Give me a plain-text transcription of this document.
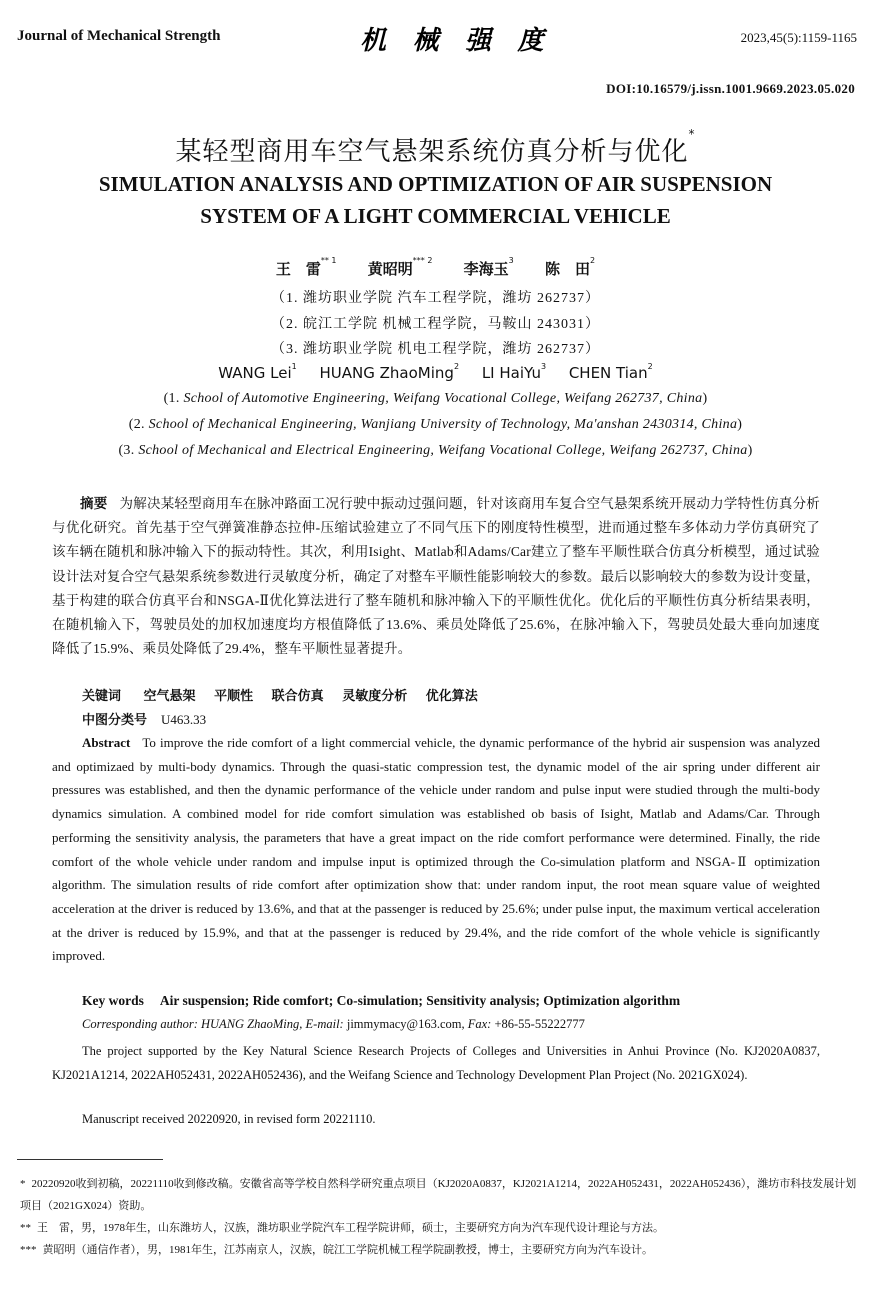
Journal of Mechanical Strength	机 械 强 度	2023,45(5):1159-1165
DOI:10.16579/j.issn.1001.9669.2023.05.020
某轻型商用车空气悬架系统仿真分析与优化*
SIMULATION ANALYSIS AND OPTIMIZATION OF AIR SUSPENSION
SYSTEM OF A LIGHT COMMERCIAL VEHICLE
王　雷$^{** 1}$ 黄昭明$^{*** 2}$ 李海玉$^3$ 陈　田$^2$
（1. 潍坊职业学院 汽车工程学院，潍坊 262737）
（2. 皖江工学院 机械工程学院，马鞍山 243031）
（3. 潍坊职业学院 机电工程学院，潍坊 262737）
WANG Lei$^1$ HUANG ZhaoMing$^2$ LI HaiYu$^3$ CHEN Tian$^2$
(1. School of Automotive Engineering, Weifang Vocational College, Weifang 262737, China)
(2. School of Mechanical Engineering, Wanjiang University of Technology, Ma'anshan 2430314, China)
(3. School of Mechanical and Electrical Engineering, Weifang Vocational College, Weifang 262737, China)
摘要 为解决某轻型商用车在脉冲路面工况行驶中振动过强问题，针对该商用车复合空气悬架系统开展动力学特性仿真分析与优化研究。首先基于空气弹簧准静态拉伸-压缩试验建立了不同气压下的刚度特性模型，进而通过整车多体动力学仿真研究了该车辆在随机和脉冲输入下的振动特性。其次，利用Isight、Matlab和Adams/Car建立了整车平顺性联合仿真分析模型，通过试验设计法对复合空气悬架系统参数进行灵敏度分析，确定了对整车平顺性能影响较大的参数。最后以影响较大的参数为设计变量，基于构建的联合仿真平台和NSGA-Ⅱ优化算法进行了整车随机和脉冲输入下的平顺性优化。优化后的平顺性仿真分析结果表明，在随机输入下，驾驶员处的加权加速度均方根值降低了13.6%、乘员处降低了25.6%，在脉冲输入下，驾驶员处最大垂向加速度降低了15.9%、乘员处降低了29.4%，整车平顺性显著提升。
关键词 空气悬架 平顺性 联合仿真 灵敏度分析 优化算法
中图分类号 U463.33
Abstract To improve the ride comfort of a light commercial vehicle, the dynamic performance of the hybrid air suspension was analyzed and optimizaed by multi-body dynamics. Through the quasi-static compression test, the dynamic model of the air spring under different air pressures was established, and then the dynamic performance of the vehicle under random and pulse input were studied through the multi-body dynamics simulation. A combined model for ride comfort simulation was established ob basis of Isight, Matlab and Adams/Car. Through performing the sensitivity analysis, the parameters that have a great impact on the ride comfort performance were determined. Finally, the ride comfort of the whole vehicle under random and impulse input is optimized through the Co-simulation platform and NSGA-Ⅱ optimization algorithm. The simulation results of ride comfort after optimization show that: under random input, the root mean square value of weighted acceleration at the driver is reduced by 13.6%, and that at the passenger is reduced by 25.6%; under pulse input, the maximum vertical acceleration at the driver is reduced by 15.9%, and that at the passenger is reduced by 29.4%, and the ride comfort of the whole vehicle is significantly improved.
Key words Air suspension; Ride comfort; Co-simulation; Sensitivity analysis; Optimization algorithm
Corresponding author: HUANG ZhaoMing, E-mail: jimmymacy@163.com, Fax: +86-55-55222777
The project supported by the Key Natural Science Research Projects of Colleges and Universities in Anhui Province (No. KJ2020A0837, KJ2021A1214, 2022AH052431, 2022AH052436), and the Weifang Science and Technology Development Plan Project (No. 2021GX024).
Manuscript received 20220920, in revised form 20221110.
* 20220920收到初稿，20221110收到修改稿。安徽省高等学校自然科学研究重点项目（KJ2020A0837，KJ2021A1214，2022AH052431，2022AH052436），潍坊市科技发展计划项目（2021GX024）资助。
** 王　雷，男，1978年生，山东潍坊人，汉族，潍坊职业学院汽车工程学院讲师，硕士，主要研究方向为汽车现代设计理论与方法。
*** 黄昭明（通信作者），男，1981年生，江苏南京人，汉族，皖江工学院机械工程学院副教授，博士，主要研究方向为汽车设计。
